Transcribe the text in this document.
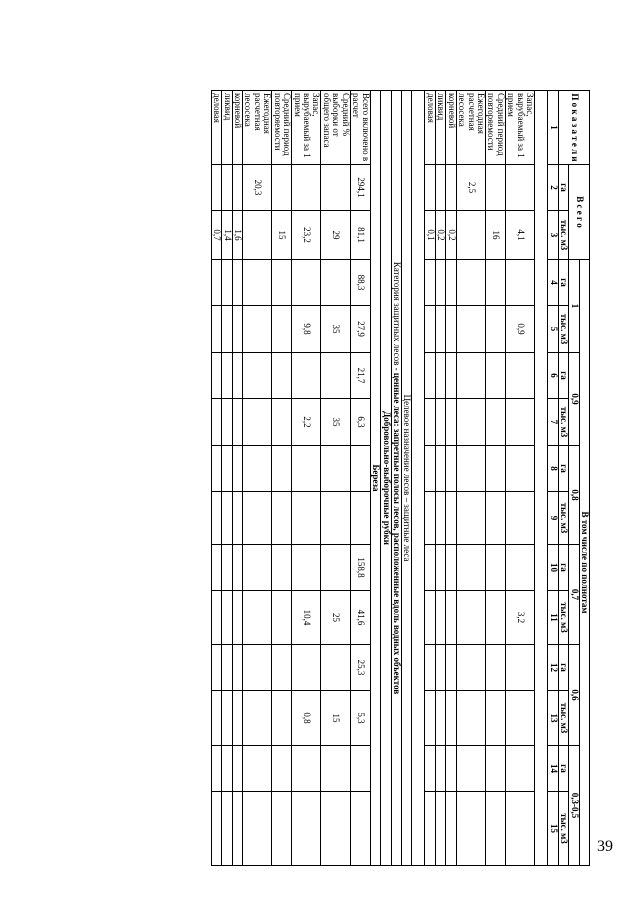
39
П о к а з а т е л и	В с е г о		В том числе по полнотам											
			1		0,9		0,8		0,7		0,6		0,3-0,5	
	га	тыс. м3	га	тыс. м3	га	тыс. м3	га	тыс. м3	га	тыс. м3	га	тыс. м3	га	тыс. м3
1	2	3	4	5	6	7	8	9	10	11	12	13	14	15

Запас, вырубаемый за 1 прием		4,1		0,9						3,2				
Средний период повторяемости		16												
Ежегодная расчетная лесосека	2,5													
корневой		0,2												
ликвид		0,2												
деловая		0,1												

Целевое назначение лесов – защитные леса														
Категория защитных лесов - ценные леса: запретные полосы лесов, расположенные вдоль водных объектов														
Добровольно-выборочные рубки														
Береза														
Всего включено в расчет	294,1	81,1	88,3	27,9	21,7	6,3			158,8	41,6	25,3	5,3		
Средний % выборки от общего запаса		29		35		35				25		15		
Запас, вырубаемый за 1 прием		23,2		9,8		2,2				10,4		0,8		
Средний период повторяемости		15												
Ежегодная расчетная лесосека	20,3													
корневой		1,6												
ликвид		1,4												
деловая		0,7												
